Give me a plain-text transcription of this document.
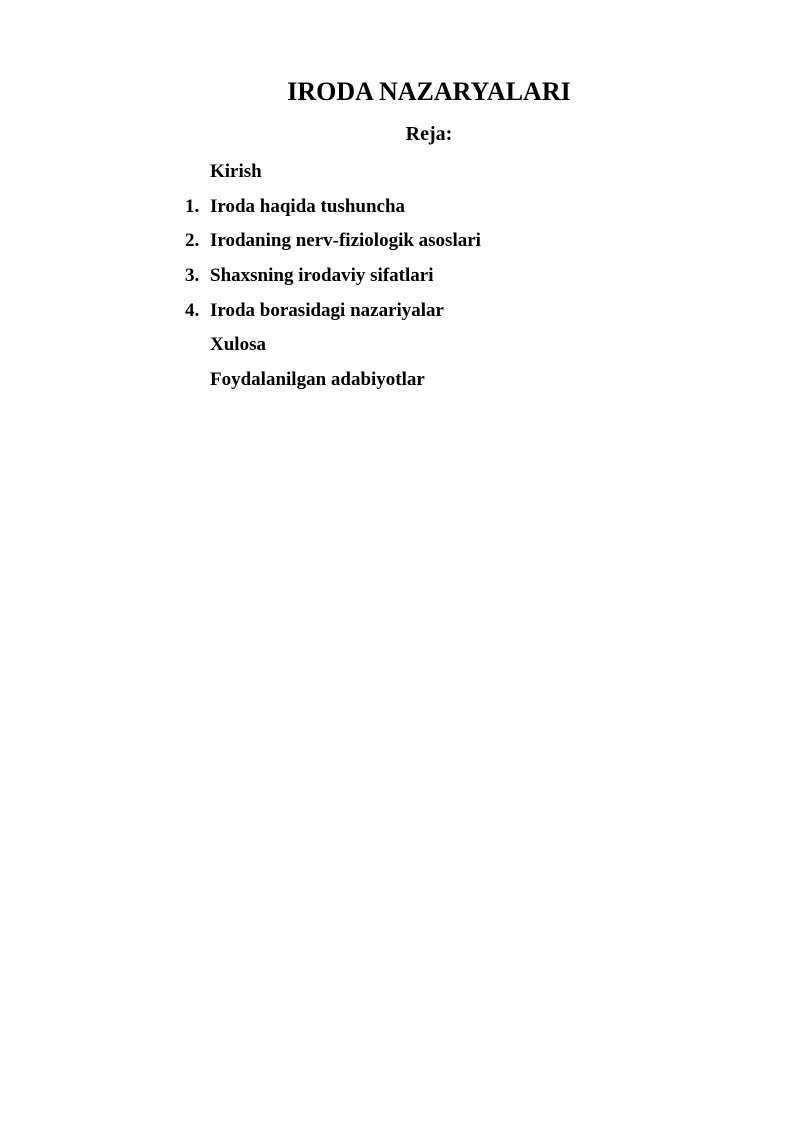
IRODA NAZARYALARI
Reja:
Kirish
1. Iroda haqida tushuncha
2. Irodaning nerv-fiziologik asoslari
3. Shaxsning irodaviy sifatlari
4. Iroda borasidagi nazariyalar
Xulosa
Foydalanilgan adabiyotlar
